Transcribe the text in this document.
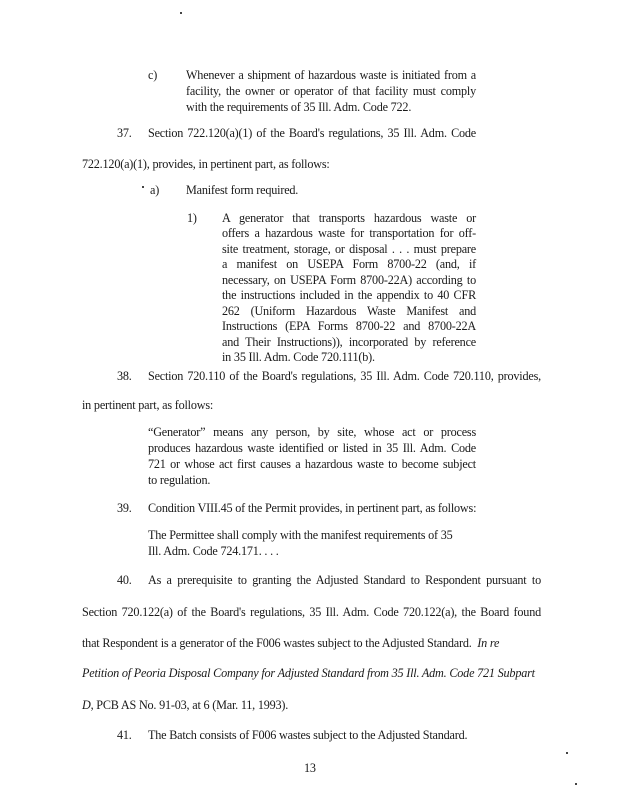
c) Whenever a shipment of hazardous waste is initiated from a
facility, the owner or operator of that facility must comply
with the requirements of 35 Ill. Adm. Code 722.
37. Section 722.120(a)(1) of the Board's regulations, 35 Ill. Adm. Code
722.120(a)(1), provides, in pertinent part, as follows:
a) Manifest form required.
1) A generator that transports hazardous waste or
offers a hazardous waste for transportation for off-
site treatment, storage, or disposal . . . must prepare
a manifest on USEPA Form 8700-22 (and, if
necessary, on USEPA Form 8700-22A) according to
the instructions included in the appendix to 40 CFR
262 (Uniform Hazardous Waste Manifest and
Instructions (EPA Forms 8700-22 and 8700-22A
and Their Instructions)), incorporated by reference
in 35 Ill. Adm. Code 720.111(b).
38. Section 720.110 of the Board's regulations, 35 Ill. Adm. Code 720.110, provides,
in pertinent part, as follows:
“Generator” means any person, by site, whose act or process
produces hazardous waste identified or listed in 35 Ill. Adm. Code
721 or whose act first causes a hazardous waste to become subject
to regulation.
39. Condition VIII.45 of the Permit provides, in pertinent part, as follows:
The Permittee shall comply with the manifest requirements of 35
Ill. Adm. Code 724.171. . . .
40. As a prerequisite to granting the Adjusted Standard to Respondent pursuant to
Section 720.122(a) of the Board's regulations, 35 Ill. Adm. Code 720.122(a), the Board found
that Respondent is a generator of the F006 wastes subject to the Adjusted Standard. In re
Petition of Peoria Disposal Company for Adjusted Standard from 35 Ill. Adm. Code 721 Subpart
D, PCB AS No. 91-03, at 6 (Mar. 11, 1993).
41. The Batch consists of F006 wastes subject to the Adjusted Standard.
13
